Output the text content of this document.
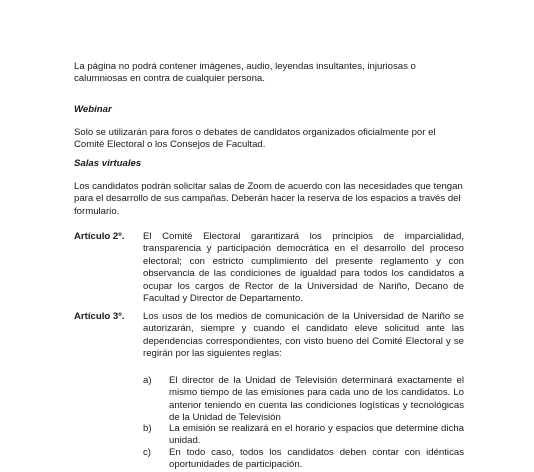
La página no podrá contener imágenes, audio, leyendas insultantes, injuriosas o calumniosas en contra de cualquier persona.
Webinar
Solo se utilizarán para foros o debates de candidatos organizados oficialmente por el Comité Electoral o los Consejos de Facultad.
Salas virtuales
Los candidatos podrán solicitar salas de Zoom de acuerdo con las necesidades que tengan para el desarrollo de sus campañas. Deberán hacer la reserva de los espacios a través del formulario.
Artículo 2º. El Comité Electoral garantizará los principios de imparcialidad, transparencia y participación democrática en el desarrollo del proceso electoral; con estricto cumplimiento del presente reglamento y con observancia de las condiciones de igualdad para todos los candidatos a ocupar los cargos de Rector de la Universidad de Nariño, Decano de Facultad y Director de Departamento.
Artículo 3º. Los usos de los medios de comunicación de la Universidad de Nariño se autorizarán, siempre y cuando el candidato eleve solicitud ante las dependencias correspondientes, con visto bueno del Comité Electoral y se regirán por las siguientes reglas:
a) El director de la Unidad de Televisión determinará exactamente el mismo tiempo de las emisiones para cada uno de los candidatos. Lo anterior teniendo en cuenta las condiciones logísticas y tecnológicas de la Unidad de Televisión
b) La emisión se realizará en el horario y espacios que determine dicha unidad.
c) En todo caso, todos los candidatos deben contar con idénticas oportunidades de participación.
